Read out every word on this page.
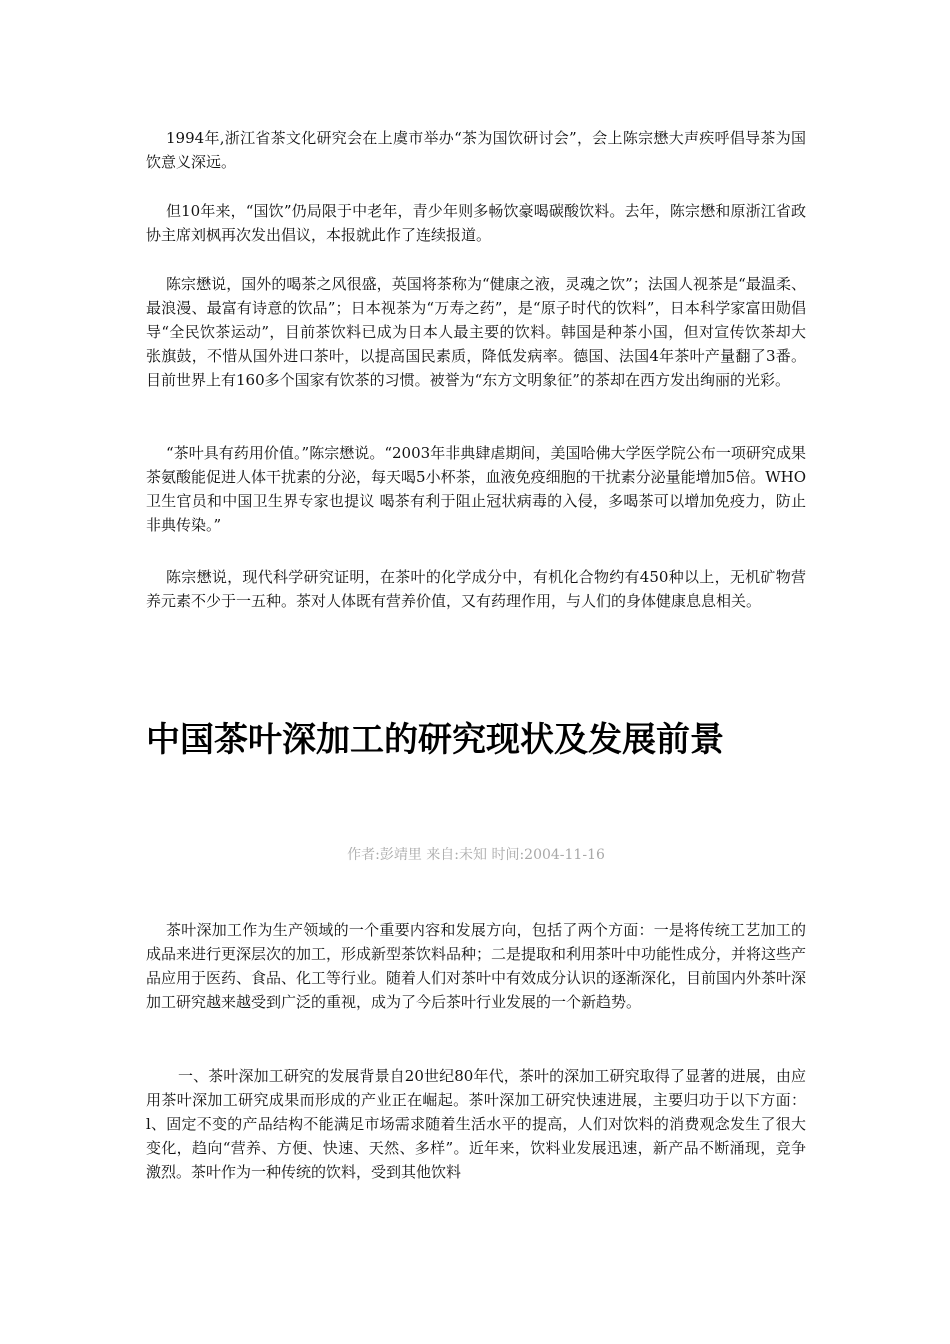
1994年,浙江省茶文化研究会在上虞市举办“茶为国饮研讨会”，会上陈宗懋大声疾呼倡导茶为国饮意义深远。

但10年来，“国饮”仍局限于中老年，青少年则多畅饮豪喝碳酸饮料。去年，陈宗懋和原浙江省政协主席刘枫再次发出倡议，本报就此作了连续报道。

陈宗懋说，国外的喝茶之风很盛，英国将茶称为“健康之液，灵魂之饮”；法国人视茶是“最温柔、最浪漫、最富有诗意的饮品”；日本视茶为“万寿之药”，是“原子时代的饮料”，日本科学家富田勋倡导“全民饮茶运动”，目前茶饮料已成为日本人最主要的饮料。韩国是种茶小国，但对宣传饮茶却大张旗鼓，不惜从国外进口茶叶，以提高国民素质，降低发病率。德国、法国4年茶叶产量翻了3番。目前世界上有160多个国家有饮茶的习惯。被誉为“东方文明象征”的茶却在西方发出绚丽的光彩。

“茶叶具有药用价值。”陈宗懋说。“2003年非典肆虐期间，美国哈佛大学医学院公布一项研究成果 茶氨酸能促进人体干扰素的分泌，每天喝5小杯茶，血液免疫细胞的干扰素分泌量能增加5倍。WHO卫生官员和中国卫生界专家也提议 喝茶有利于阻止冠状病毒的入侵，多喝茶可以增加免疫力，防止非典传染。”

陈宗懋说，现代科学研究证明，在茶叶的化学成分中，有机化合物约有450种以上，无机矿物营养元素不少于一五种。茶对人体既有营养价值，又有药理作用，与人们的身体健康息息相关。

中国茶叶深加工的研究现状及发展前景
作者:彭靖里 来自:未知 时间:2004-11-16

茶叶深加工作为生产领域的一个重要内容和发展方向，包括了两个方面：一是将传统工艺加工的成品来进行更深层次的加工，形成新型茶饮料品种；二是提取和利用茶叶中功能性成分，并将这些产品应用于医药、食品、化工等行业。随着人们对茶叶中有效成分认识的逐渐深化，目前国内外茶叶深加工研究越来越受到广泛的重视，成为了今后茶叶行业发展的一个新趋势。

一、茶叶深加工研究的发展背景自20世纪80年代，茶叶的深加工研究取得了显著的进展，由应用茶叶深加工研究成果而形成的产业正在崛起。茶叶深加工研究快速进展，主要归功于以下方面：l、固定不变的产品结构不能满足市场需求随着生活水平的提高，人们对饮料的消费观念发生了很大变化，趋向“营养、方便、快速、天然、多样”。近年来，饮料业发展迅速，新产品不断涌现，竞争激烈。茶叶作为一种传统的饮料，受到其他饮料
